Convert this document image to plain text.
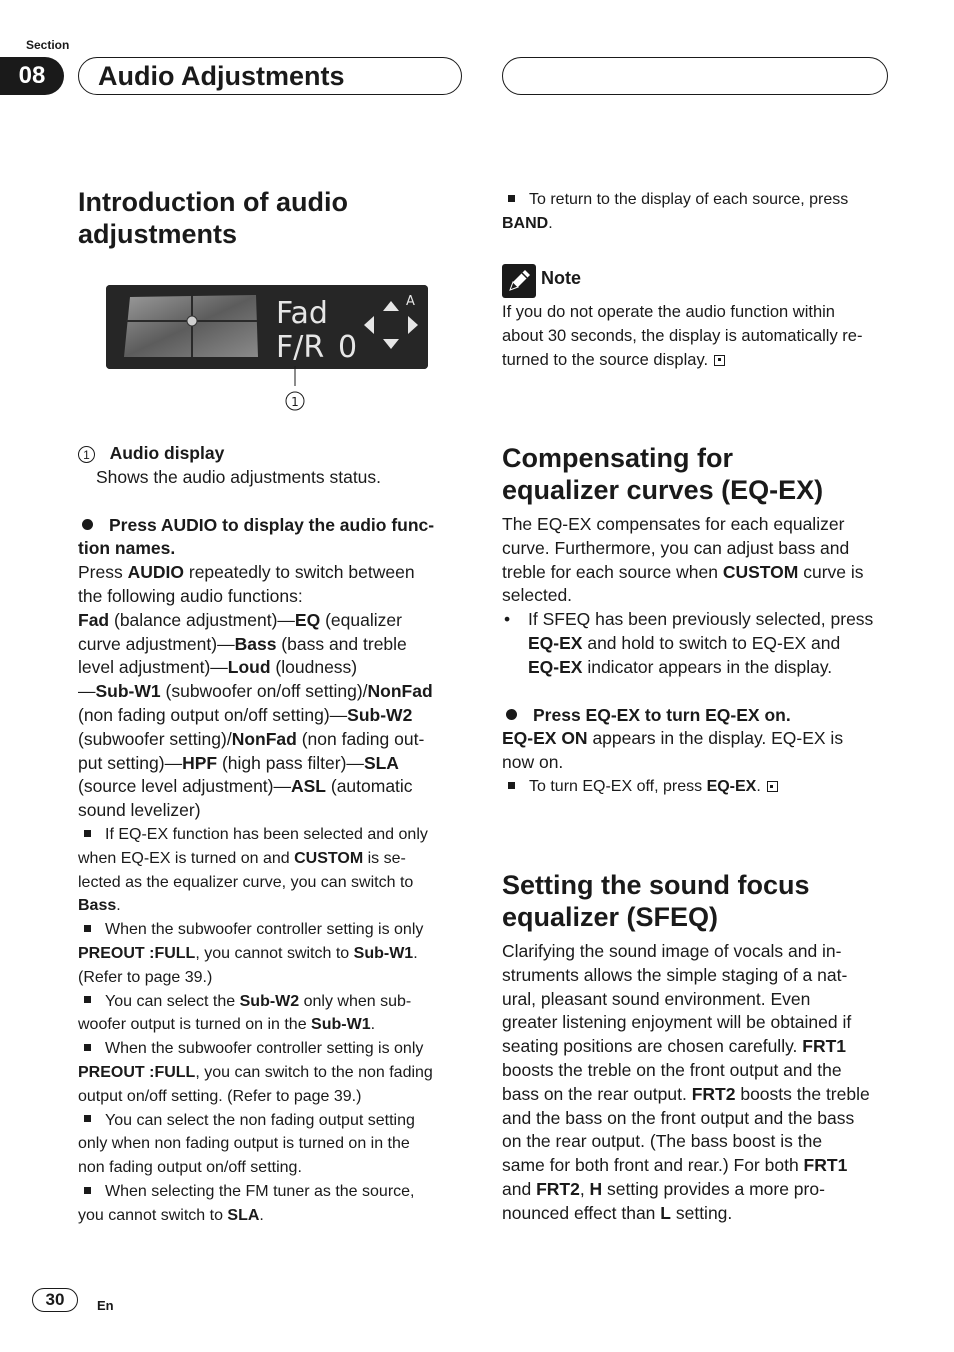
Section
08	Audio Adjustments
Introduction of audio
adjustments
Fad
F/R 0
A
1
1 Audio display
Shows the audio adjustments status.
Press AUDIO to display the audio func-
tion names.
Press AUDIO repeatedly to switch between
the following audio functions:
Fad (balance adjustment)—EQ (equalizer
curve adjustment)—Bass (bass and treble
level adjustment)—Loud (loudness)
—Sub-W1 (subwoofer on/off setting)/NonFad
(non fading output on/off setting)—Sub-W2
(subwoofer setting)/NonFad (non fading out-
put setting)—HPF (high pass filter)—SLA
(source level adjustment)—ASL (automatic
sound levelizer)
If EQ-EX function has been selected and only
when EQ-EX is turned on and CUSTOM is se-
lected as the equalizer curve, you can switch to
Bass.
When the subwoofer controller setting is only
PREOUT :FULL, you cannot switch to Sub-W1.
(Refer to page 39.)
You can select the Sub-W2 only when sub-
woofer output is turned on in the Sub-W1.
When the subwoofer controller setting is only
PREOUT :FULL, you can switch to the non fading
output on/off setting. (Refer to page 39.)
You can select the non fading output setting
only when non fading output is turned on in the
non fading output on/off setting.
When selecting the FM tuner as the source,
you cannot switch to SLA.
To return to the display of each source, press
BAND.
Note
If you do not operate the audio function within
about 30 seconds, the display is automatically re-
turned to the source display.
Compensating for
equalizer curves (EQ-EX)
The EQ-EX compensates for each equalizer
curve. Furthermore, you can adjust bass and
treble for each source when CUSTOM curve is
selected.

• If SFEQ has been previously selected, press
EQ-EX and hold to switch to EQ-EX and
EQ-EX indicator appears in the display.
Press EQ-EX to turn EQ-EX on.
EQ-EX ON appears in the display. EQ-EX is
now on.

To turn EQ-EX off, press EQ-EX.
Setting the sound focus
equalizer (SFEQ)
Clarifying the sound image of vocals and in-
struments allows the simple staging of a nat-
ural, pleasant sound environment. Even
greater listening enjoyment will be obtained if
seating positions are chosen carefully. FRT1
boosts the treble on the front output and the
bass on the rear output. FRT2 boosts the treble
and the bass on the front output and the bass
on the rear output. (The bass boost is the
same for both front and rear.) For both FRT1
and FRT2, H setting provides a more pro-
nounced effect than L setting.
30	En
